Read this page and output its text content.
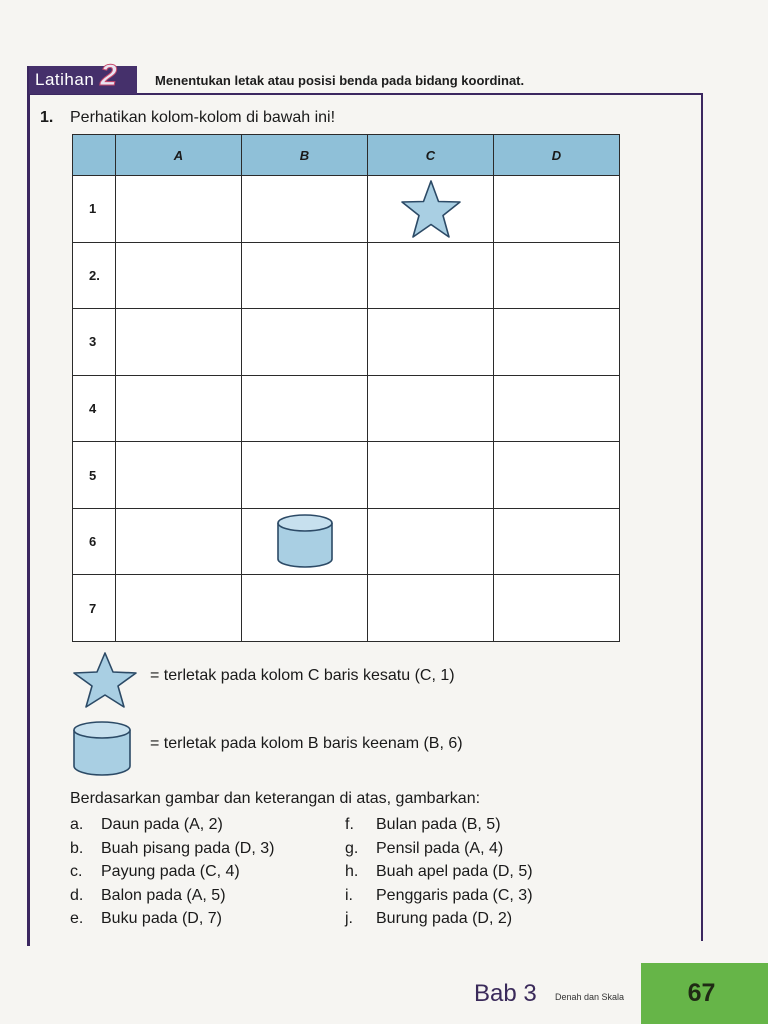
Latihan 2	Menentukan letak atau posisi benda pada bidang koordinat.
1. Perhatikan kolom-kolom di bawah ini!
	A	B	C	D
1			

2.				
3				
4				
5				
6		

7				
= terletak pada kolom C baris kesatu (C, 1)
= terletak pada kolom B baris keenam (B, 6)
Berdasarkan gambar dan keterangan di atas, gambarkan:
a.	Daun pada (A, 2)
b.	Buah pisang pada (D, 3)
c.	Payung pada (C, 4)
d.	Balon pada (A, 5)
e.	Buku pada (D, 7)
f.	Bulan pada (B, 5)
g.	Pensil pada (A, 4)
h.	Buah apel pada (D, 5)
i.	Penggaris pada (C, 3)
j.	Burung pada (D, 2)
Bab 3 Denah dan Skala	67
